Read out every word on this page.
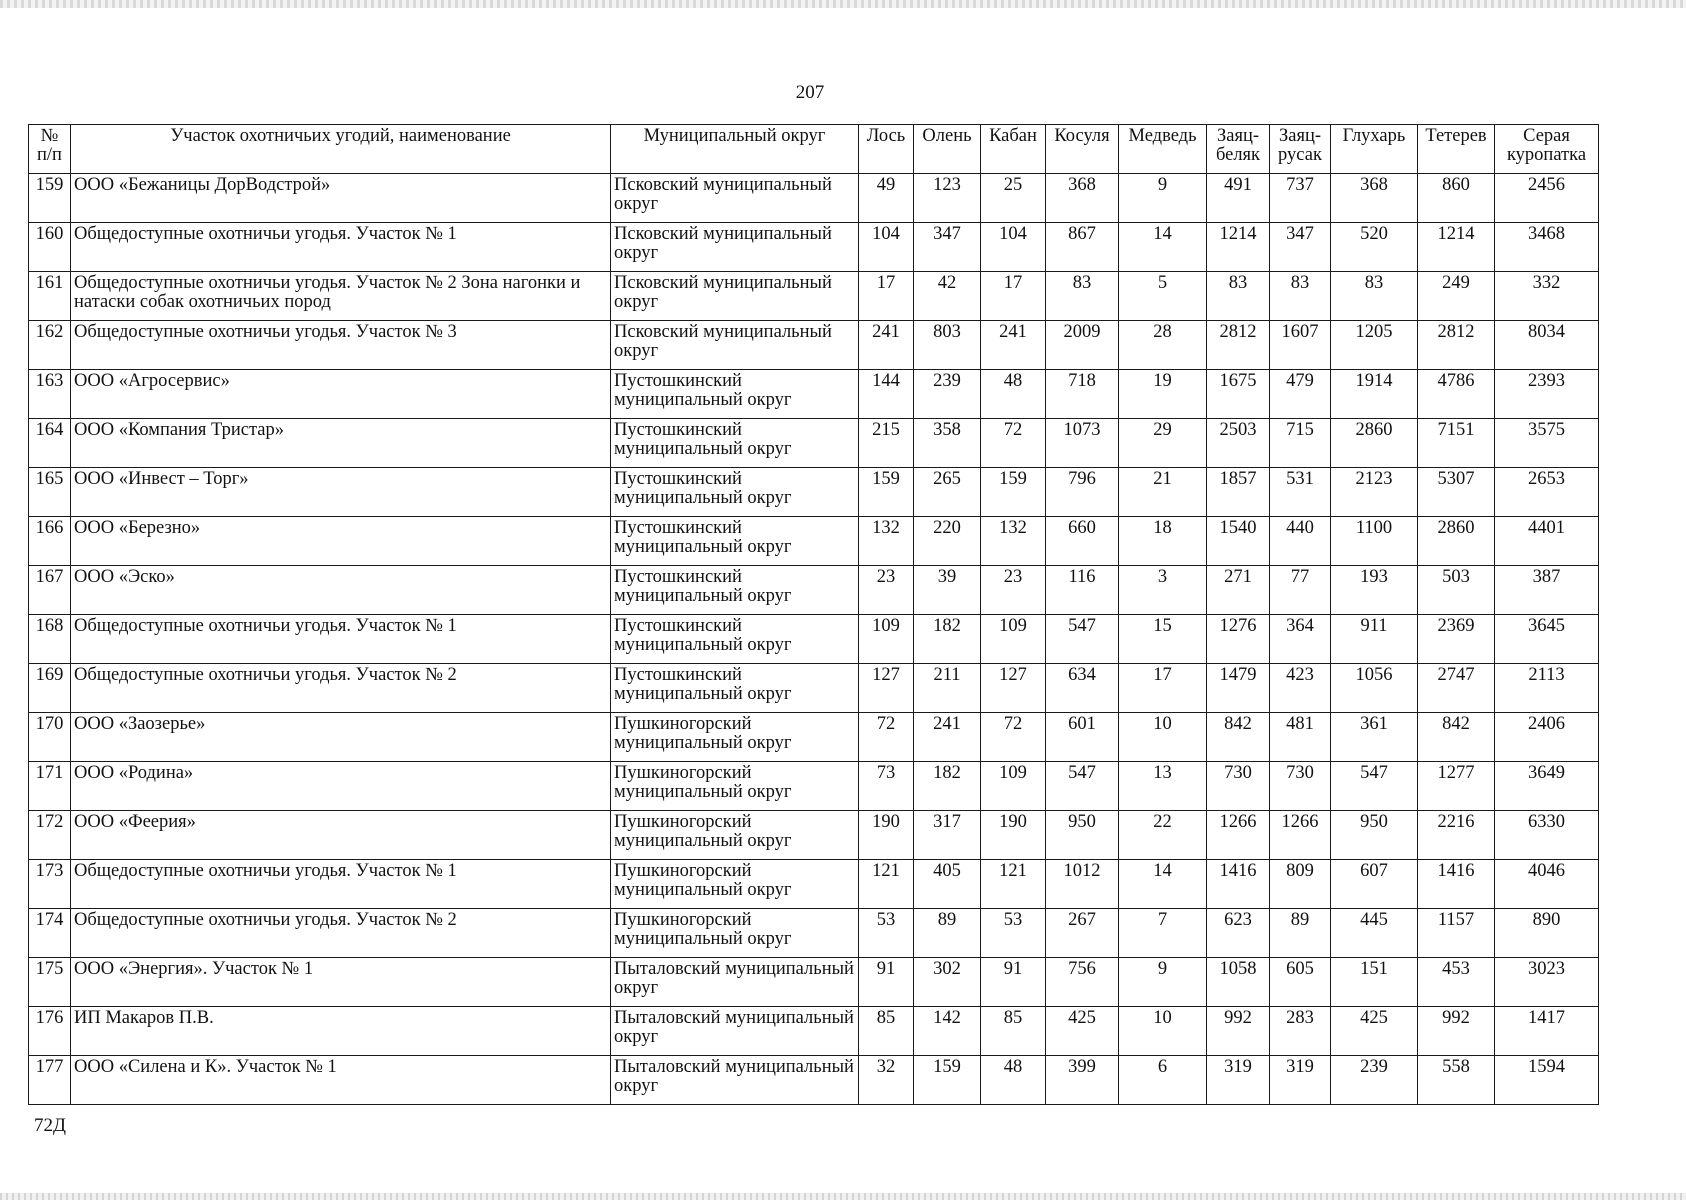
207
№ п/п	Участок охотничьих угодий, наименование	Муниципальный округ	Лось	Олень	Кабан	Косуля	Медведь	Заяц-беляк	Заяц-русак	Глухарь	Тетерев	Серая куропатка
159	ООО «Бежаницы ДорВодстрой»	Псковский муниципальный округ	49	123	25	368	9	491	737	368	860	2456
160	Общедоступные охотничьи угодья. Участок № 1	Псковский муниципальный округ	104	347	104	867	14	1214	347	520	1214	3468
161	Общедоступные охотничьи угодья. Участок № 2 Зона нагонки и натаски собак охотничьих пород	Псковский муниципальный округ	17	42	17	83	5	83	83	83	249	332
162	Общедоступные охотничьи угодья. Участок № 3	Псковский муниципальный округ	241	803	241	2009	28	2812	1607	1205	2812	8034
163	ООО «Агросервис»	Пустошкинский муниципальный округ	144	239	48	718	19	1675	479	1914	4786	2393
164	ООО «Компания Тристар»	Пустошкинский муниципальный округ	215	358	72	1073	29	2503	715	2860	7151	3575
165	ООО «Инвест – Торг»	Пустошкинский муниципальный округ	159	265	159	796	21	1857	531	2123	5307	2653
166	ООО «Березно»	Пустошкинский муниципальный округ	132	220	132	660	18	1540	440	1100	2860	4401
167	ООО «Эско»	Пустошкинский муниципальный округ	23	39	23	116	3	271	77	193	503	387
168	Общедоступные охотничьи угодья. Участок № 1	Пустошкинский муниципальный округ	109	182	109	547	15	1276	364	911	2369	3645
169	Общедоступные охотничьи угодья. Участок № 2	Пустошкинский муниципальный округ	127	211	127	634	17	1479	423	1056	2747	2113
170	ООО «Заозерье»	Пушкиногорский муниципальный округ	72	241	72	601	10	842	481	361	842	2406
171	ООО «Родина»	Пушкиногорский муниципальный округ	73	182	109	547	13	730	730	547	1277	3649
172	ООО «Феерия»	Пушкиногорский муниципальный округ	190	317	190	950	22	1266	1266	950	2216	6330
173	Общедоступные охотничьи угодья. Участок № 1	Пушкиногорский муниципальный округ	121	405	121	1012	14	1416	809	607	1416	4046
174	Общедоступные охотничьи угодья. Участок № 2	Пушкиногорский муниципальный округ	53	89	53	267	7	623	89	445	1157	890
175	ООО «Энергия». Участок № 1	Пыталовский муниципальный округ	91	302	91	756	9	1058	605	151	453	3023
176	ИП Макаров П.В.	Пыталовский муниципальный округ	85	142	85	425	10	992	283	425	992	1417
177	ООО «Силена и К». Участок № 1	Пыталовский муниципальный округ	32	159	48	399	6	319	319	239	558	1594
72Д
